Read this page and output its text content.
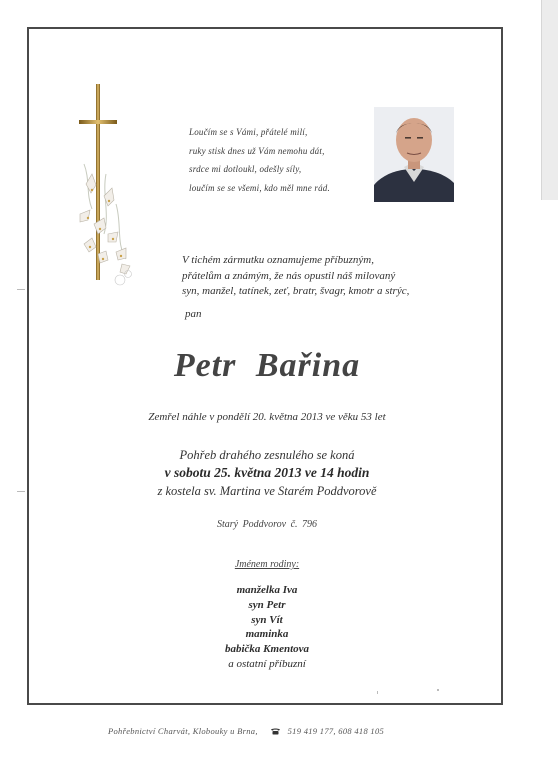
Loučím se s Vámi, přátelé milí,
ruky stisk dnes už Vám nemohu dát,
srdce mi dotloukl, odešly síly,
loučím se se všemi, kdo měl mne rád.
V tichém zármutku oznamujeme příbuzným,
přátelům a známým, že nás opustil náš milovaný
syn, manžel, tatínek, zeť, bratr, švagr, kmotr a strýc,
pan
Petr Bařina
Zemřel náhle v pondělí 20. května 2013 ve věku 53 let
Pohřeb drahého zesnulého se koná
v sobotu 25. května 2013 ve 14 hodin
z kostela sv. Martina ve Starém Poddvorově
Starý Poddvorov č. 796
Jménem rodiny:
manželka Iva
syn Petr
syn Vít
maminka
babička Kmentova
a ostatní příbuzní
Pohřebnictví Charvát, Klobouky u Brna,	519 419 177, 608 418 105
